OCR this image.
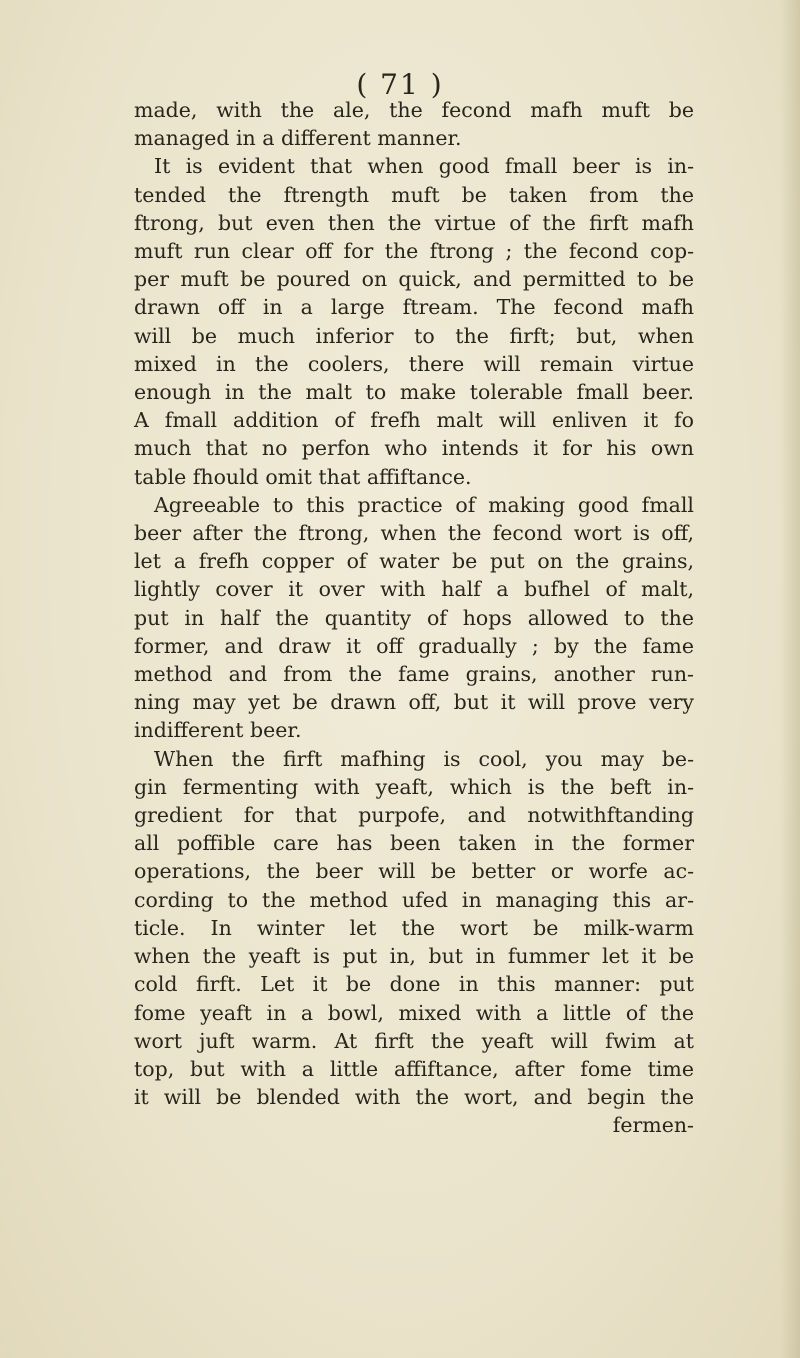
( 71 )
made, with the ale, the fecond mafh muft be
managed in a different manner.
It is evident that when good fmall beer is in-
tended the ftrength muft be taken from the
ftrong, but even then the virtue of the firft mafh
muft run clear off for the ftrong ; the fecond cop-
per muft be poured on quick, and permitted to be
drawn off in a large ftream. The fecond mafh
will be much inferior to the firft; but, when
mixed in the coolers, there will remain virtue
enough in the malt to make tolerable fmall beer.
A fmall addition of frefh malt will enliven it fo
much that no perfon who intends it for his own
table fhould omit that affiftance.
Agreeable to this practice of making good fmall
beer after the ftrong, when the fecond wort is off,
let a frefh copper of water be put on the grains,
lightly cover it over with half a bufhel of malt,
put in half the quantity of hops allowed to the
former, and draw it off gradually ; by the fame
method and from the fame grains, another run-
ning may yet be drawn off, but it will prove very
indifferent beer.
When the firft mafhing is cool, you may be-
gin fermenting with yeaft, which is the beft in-
gredient for that purpofe, and notwithftanding
all poffible care has been taken in the former
operations, the beer will be better or worfe ac-
cording to the method ufed in managing this ar-
ticle. In winter let the wort be milk-warm
when the yeaft is put in, but in fummer let it be
cold firft. Let it be done in this manner: put
fome yeaft in a bowl, mixed with a little of the
wort juft warm. At firft the yeaft will fwim at
top, but with a little affiftance, after fome time
it will be blended with the wort, and begin the
fermen-
